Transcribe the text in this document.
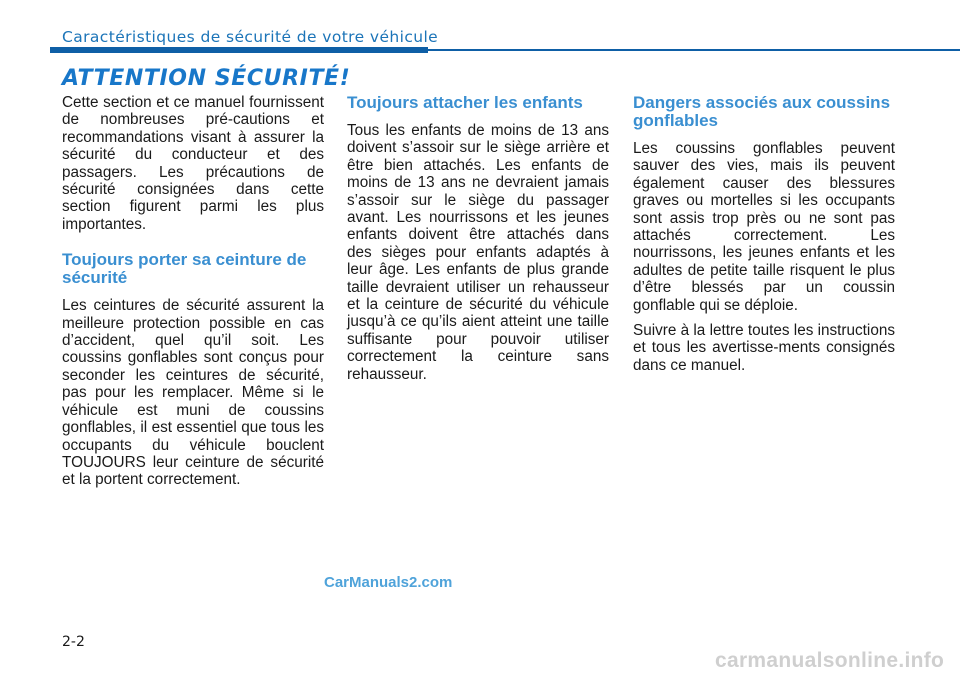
Caractéristiques de sécurité de votre véhicule
ATTENTION SÉCURITÉ!

Cette section et ce manuel fournissent de nombreuses pré-cautions et recommandations visant à assurer la sécurité du conducteur et des passagers. Les précautions de sécurité consignées dans cette section figurent parmi les plus importantes.

Toujours porter sa ceinture de sécurité

Les ceintures de sécurité assurent la meilleure protection possible en cas d’accident, quel qu’il soit. Les coussins gonflables sont conçus pour seconder les ceintures de sécurité, pas pour les remplacer. Même si le véhicule est muni de coussins gonflables, il est essentiel que tous les occupants du véhicule bouclent TOUJOURS leur ceinture de sécurité et la portent correctement.

Toujours attacher les enfants

Tous les enfants de moins de 13 ans doivent s’assoir sur le siège arrière et être bien attachés. Les enfants de moins de 13 ans ne devraient jamais s’assoir sur le siège du passager avant. Les nourrissons et les jeunes enfants doivent être attachés dans des sièges pour enfants adaptés à leur âge. Les enfants de plus grande taille devraient utiliser un rehausseur et la ceinture de sécurité du véhicule jusqu’à ce qu’ils aient atteint une taille suffisante pour pouvoir utiliser correctement la ceinture sans rehausseur.

Dangers associés aux coussins gonflables

Les coussins gonflables peuvent sauver des vies, mais ils peuvent également causer des blessures graves ou mortelles si les occupants sont assis trop près ou ne sont pas attachés correctement. Les nourrissons, les jeunes enfants et les adultes de petite taille risquent le plus d’être blessés par un coussin gonflable qui se déploie.

Suivre à la lettre toutes les instructions et tous les avertisse-ments consignés dans ce manuel.

CarManuals2.com
2-2
carmanualsonline.info
